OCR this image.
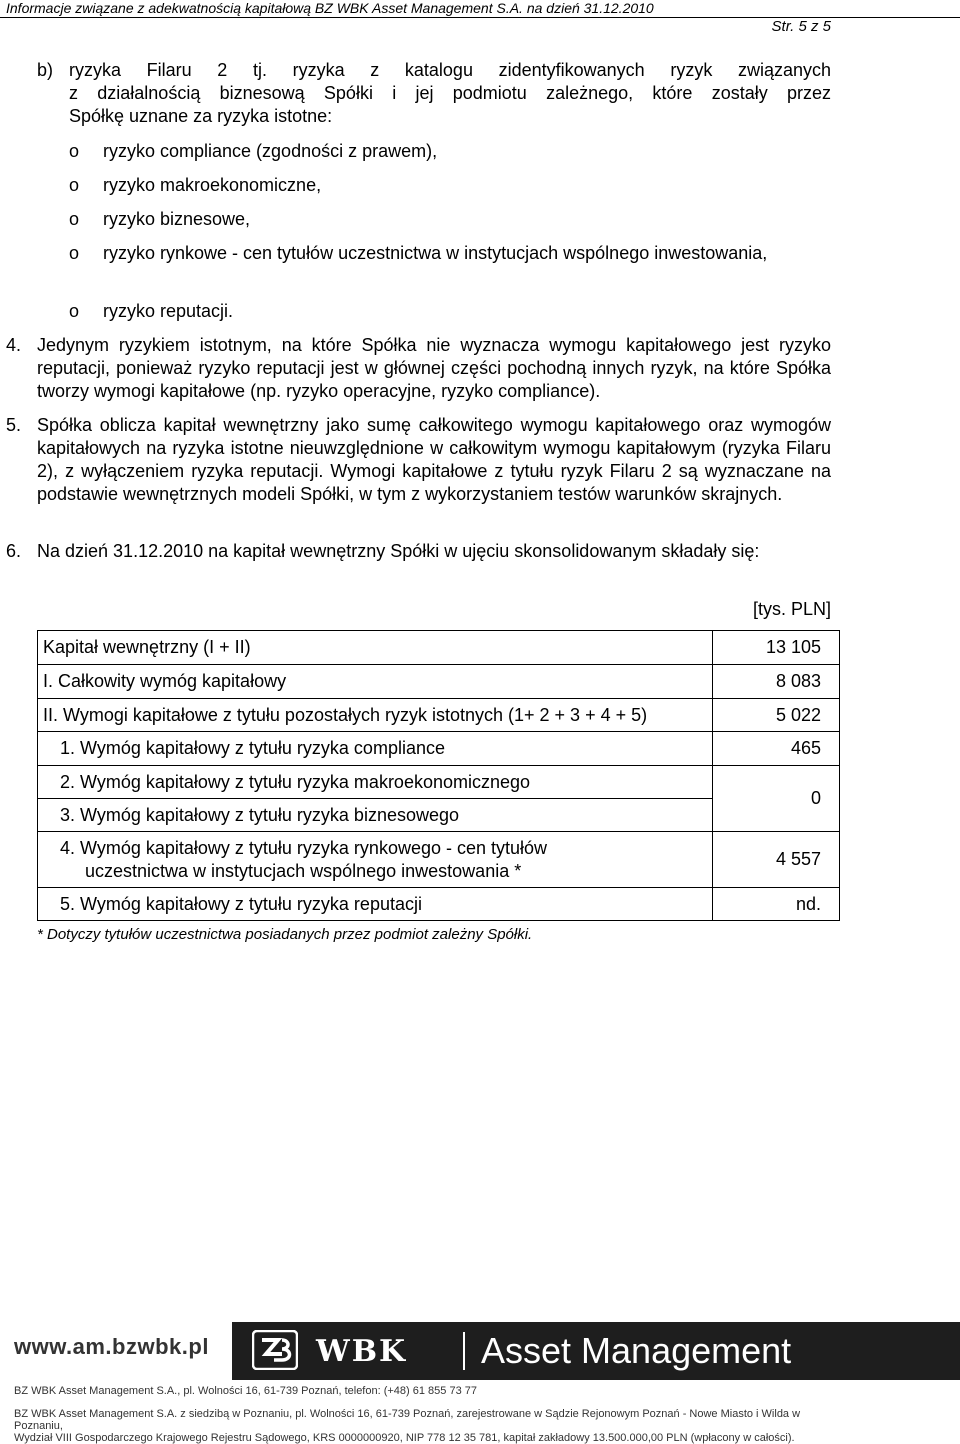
Informacje związane z adekwatnością kapitałową BZ WBK Asset Management S.A. na dzień 31.12.2010
Str. 5 z 5
b) ryzyka Filaru 2 tj. ryzyka z katalogu zidentyfikowanych ryzyk związanych
z działalnością biznesową Spółki i jej podmiotu zależnego, które zostały przez
Spółkę uznane za ryzyka istotne:
o ryzyko compliance (zgodności z prawem),
o ryzyko makroekonomiczne,
o ryzyko biznesowe,
o ryzyko rynkowe - cen tytułów uczestnictwa w instytucjach wspólnego inwestowania,
o ryzyko reputacji.
4. Jedynym ryzykiem istotnym, na które Spółka nie wyznacza wymogu kapitałowego jest ryzyko reputacji, ponieważ ryzyko reputacji jest w głównej części pochodną innych ryzyk, na które Spółka tworzy wymogi kapitałowe (np. ryzyko operacyjne, ryzyko compliance).
5. Spółka oblicza kapitał wewnętrzny jako sumę całkowitego wymogu kapitałowego oraz wymogów kapitałowych na ryzyka istotne nieuwzględnione w całkowitym wymogu kapitałowym (ryzyka Filaru 2), z wyłączeniem ryzyka reputacji. Wymogi kapitałowe z tytułu ryzyk Filaru 2 są wyznaczane na podstawie wewnętrznych modeli Spółki, w tym z wykorzystaniem testów warunków skrajnych.
6. Na dzień 31.12.2010 na kapitał wewnętrzny Spółki w ujęciu skonsolidowanym składały się:
[tys. PLN]
Kapitał wewnętrzny (I + II)	13 105
I. Całkowity wymóg kapitałowy	8 083
II. Wymogi kapitałowe z tytułu pozostałych ryzyk istotnych (1+ 2 + 3 + 4 + 5)	5 022
1. Wymóg kapitałowy z tytułu ryzyka compliance	465
2. Wymóg kapitałowy z tytułu ryzyka makroekonomicznego	0
3. Wymóg kapitałowy z tytułu ryzyka biznesowego	

4. Wymóg kapitałowy z tytułu ryzyka rynkowego - cen tytułów
uczestnictwa w instytucjach wspólnego inwestowania *	4 557
5. Wymóg kapitałowy z tytułu ryzyka reputacji	nd.
* Dotyczy tytułów uczestnictwa posiadanych przez podmiot zależny Spółki.
www.am.bzwbk.pl	WBK Asset Management
BZ WBK Asset Management S.A., pl. Wolności 16, 61-739 Poznań, telefon: (+48) 61 855 73 77
BZ WBK Asset Management S.A. z siedzibą w Poznaniu, pl. Wolności 16, 61-739 Poznań, zarejestrowane w Sądzie Rejonowym Poznań - Nowe Miasto i Wilda w Poznaniu,
Wydział VIII Gospodarczego Krajowego Rejestru Sądowego, KRS 0000000920, NIP 778 12 35 781, kapitał zakładowy 13.500.000,00 PLN (wpłacony w całości).
